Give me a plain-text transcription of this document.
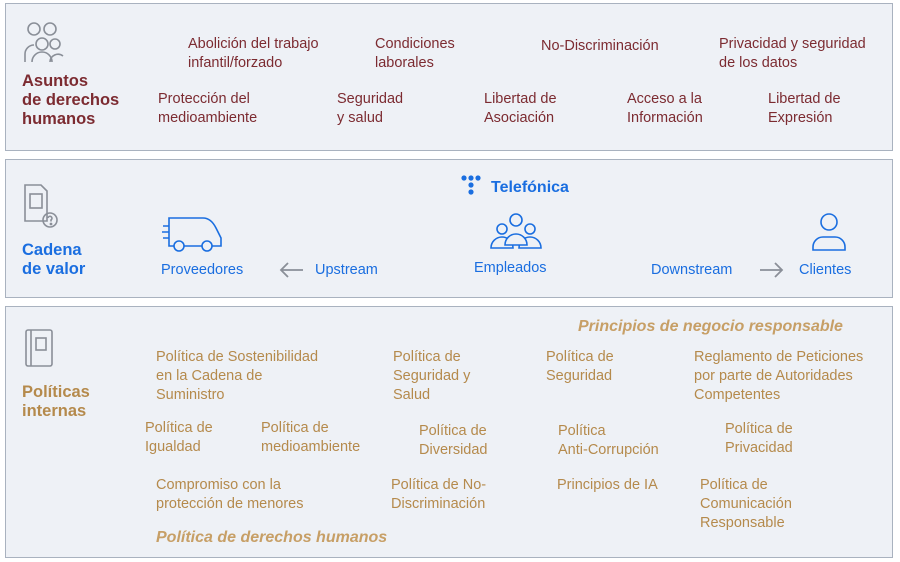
Asuntos
de derechos
humanos
Abolición del trabajo
infantil/forzado
Condiciones
laborales
No-Discriminación	Privacidad y seguridad
de los datos
Protección del
medioambiente
Seguridad
y salud
Libertad de
Asociación
Acceso a la
Información
Libertad de
Expresión
Cadena
de valor
Telefónica
Proveedores	Upstream	Empleados	Downstream	Clientes
Políticas
internas
Principios de negocio responsable
Política de Sostenibilidad
en la Cadena de
Suministro
Política de
Seguridad y
Salud
Política de
Seguridad
Reglamento de Peticiones
por parte de Autoridades
Competentes
Política de
Igualdad
Política de
medioambiente
Política de
Diversidad
Política
Anti-Corrupción
Política de
Privacidad
Compromiso con la
protección de menores
Política de No-
Discriminación
Principios de IA	Política de
Comunicación
Responsable
Política de derechos humanos
